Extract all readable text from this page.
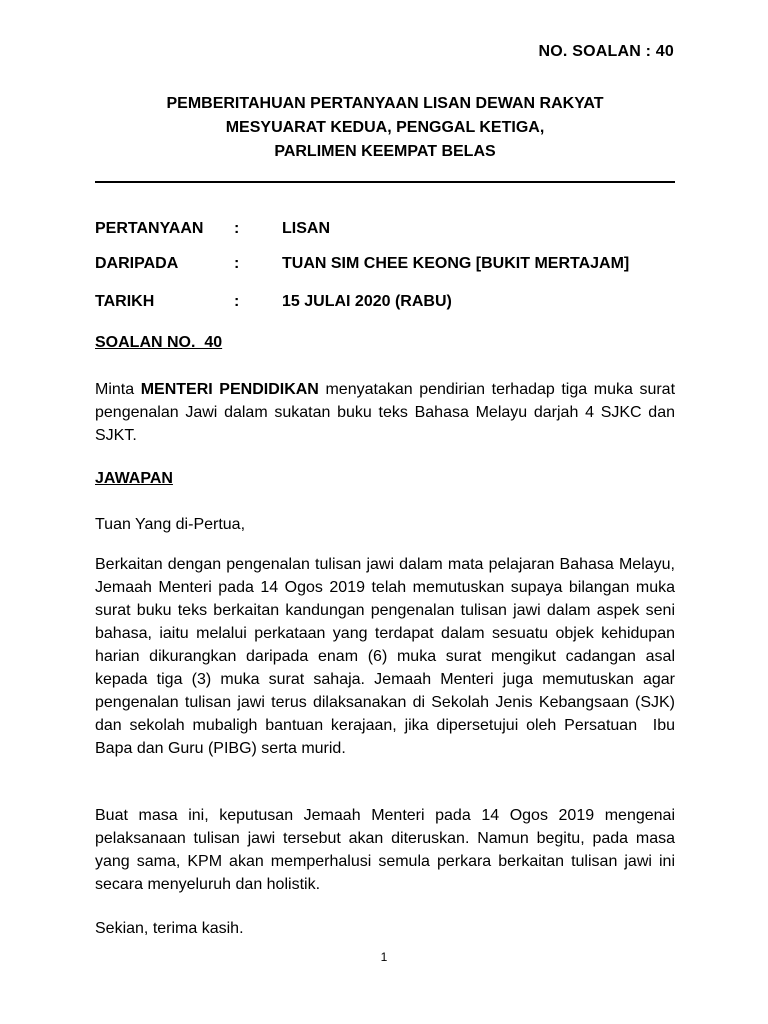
NO. SOALAN : 40
PEMBERITAHUAN PERTANYAAN LISAN DEWAN RAKYAT
MESYUARAT KEDUA, PENGGAL KETIGA,
PARLIMEN KEEMPAT BELAS
PERTANYAAN :	LISAN
DARIPADA	:	TUAN SIM CHEE KEONG [BUKIT MERTAJAM]
TARIKH	:	15 JULAI 2020 (RABU)
SOALAN NO.  40
Minta MENTERI PENDIDIKAN menyatakan pendirian terhadap tiga muka surat pengenalan Jawi dalam sukatan buku teks Bahasa Melayu darjah 4 SJKC dan SJKT.
JAWAPAN
Tuan Yang di-Pertua,
Berkaitan dengan pengenalan tulisan jawi dalam mata pelajaran Bahasa Melayu, Jemaah Menteri pada 14 Ogos 2019 telah memutuskan supaya bilangan muka surat buku teks berkaitan kandungan pengenalan tulisan jawi dalam aspek seni bahasa, iaitu melalui perkataan yang terdapat dalam sesuatu objek kehidupan harian dikurangkan daripada enam (6) muka surat mengikut cadangan asal kepada tiga (3) muka surat sahaja. Jemaah Menteri juga memutuskan agar pengenalan tulisan jawi terus dilaksanakan di Sekolah Jenis Kebangsaan (SJK) dan sekolah mubaligh bantuan kerajaan, jika dipersetujui oleh Persatuan  Ibu Bapa dan Guru (PIBG) serta murid.
Buat masa ini, keputusan Jemaah Menteri pada 14 Ogos 2019 mengenai pelaksanaan tulisan jawi tersebut akan diteruskan. Namun begitu, pada masa yang sama, KPM akan memperhalusi semula perkara berkaitan tulisan jawi ini secara menyeluruh dan holistik.
Sekian, terima kasih.
1
